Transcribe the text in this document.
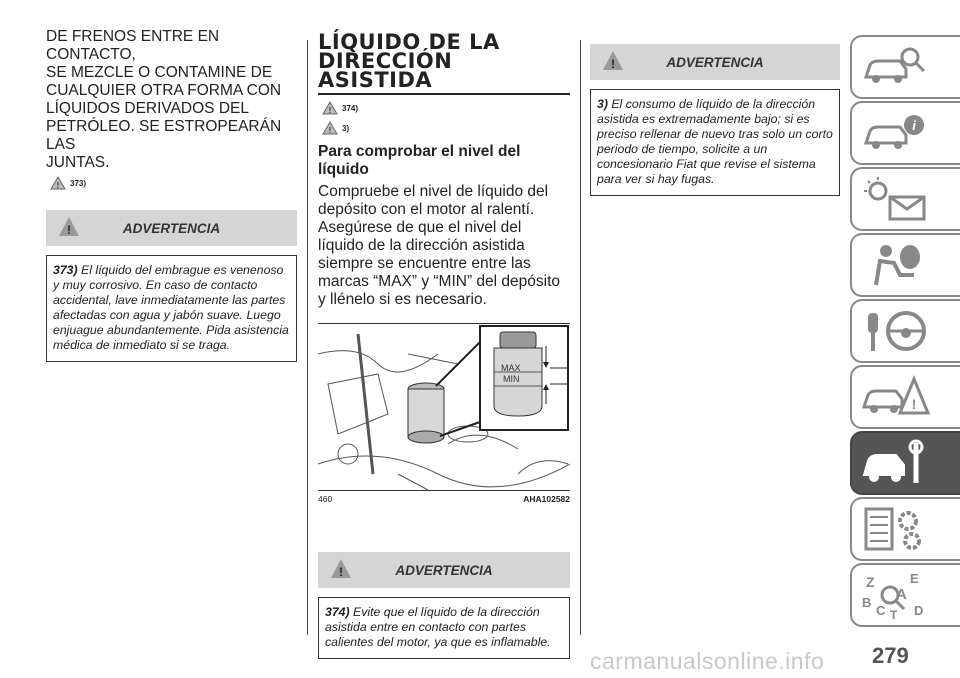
DE FRENOS ENTRE EN CONTACTO,
SE MEZCLE O CONTAMINE DE
CUALQUIER OTRA FORMA CON
LÍQUIDOS DERIVADOS DEL
PETRÓLEO. SE ESTROPEARÁN LAS
JUNTAS.

! 373)
!	ADVERTENCIA
373) El líquido del embrague es venenoso y muy corrosivo. En caso de contacto accidental, lave inmediatamente las partes afectadas con agua y jabón suave. Luego enjuague abundantemente. Pida asistencia médica de inmediato si se traga.
LÍQUIDO DE LA
DIRECCIÓN
ASISTIDA
! 374)
! 3)
Para comprobar el nivel del líquido

Compruebe el nivel de líquido del depósito con el motor al ralentí. Asegúrese de que el nivel del líquido de la dirección asistida siempre se encuentre entre las marcas “MAX” y “MIN” del depósito y llénelo si es necesario.

MAX
MIN
460	AHA102582
!	ADVERTENCIA
374) Evite que el líquido de la dirección asistida entre en contacto con partes calientes del motor, ya que es inflamable.
!	ADVERTENCIA
3) El consumo de líquido de la dirección asistida es extremadamente bajo; si es preciso rellenar de nuevo tras solo un corto periodo de tiempo, solicite a un concesionario Fiat que revise el sistema para ver si hay fugas.
i
!
Z	E
A
B
C D
T
279
carmanualsonline.info
